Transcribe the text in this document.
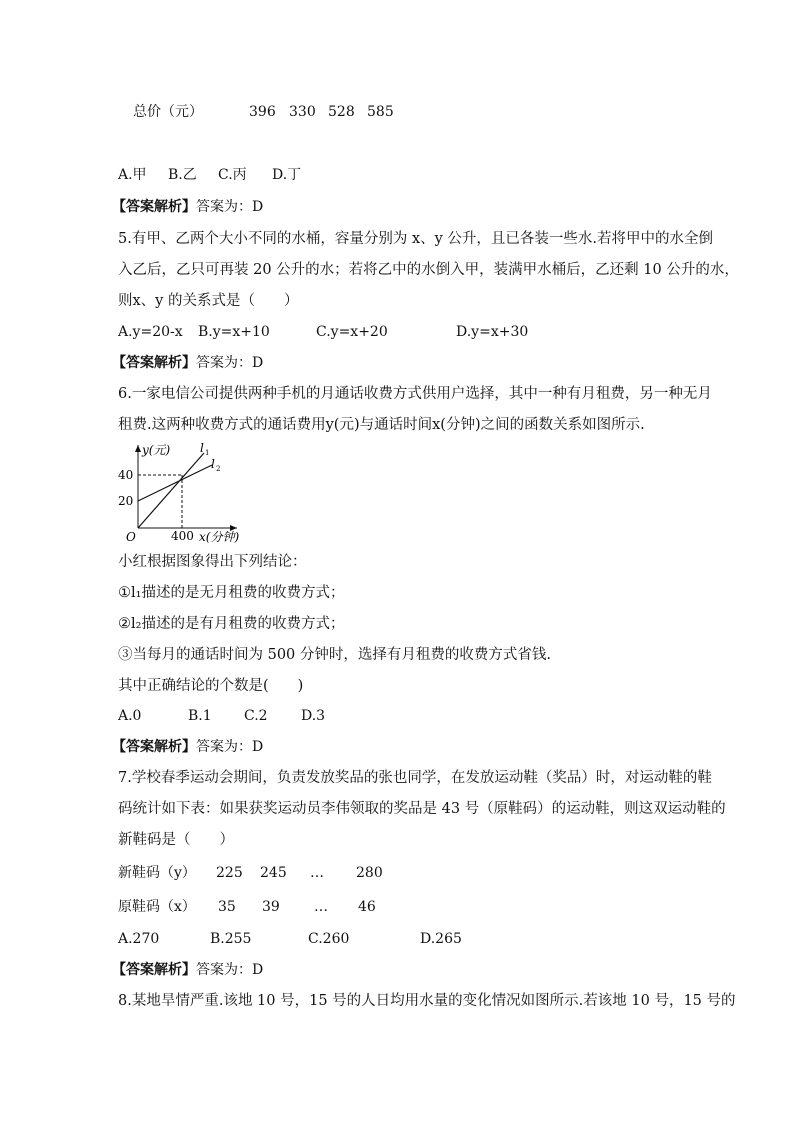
总价（元）	396 330 528 585
A.甲 B.乙 C.丙 D.丁
【答案解析】答案为：D
5.有甲、乙两个大小不同的水桶，容量分别为 x、y 公升，且已各装一些水.若将甲中的水全倒
入乙后，乙只可再装 20 公升的水；若将乙中的水倒入甲，装满甲水桶后，乙还剩 10 公升的水，
则x、y 的关系式是（　　）
A.y=20-x B.y=x+10	C.y=x+20	D.y=x+30
【答案解析】答案为：D
6.一家电信公司提供两种手机的月通话收费方式供用户选择，其中一种有月租费，另一种无月
租费.这两种收费方式的通话费用y(元)与通话时间x(分钟)之间的函数关系如图所示.
y(元)
x(分钟)
O
40
20
400
l 1
l 2
小红根据图象得出下列结论：
①l₁描述的是无月租费的收费方式；
②l₂描述的是有月租费的收费方式；
③当每月的通话时间为 500 分钟时，选择有月租费的收费方式省钱.
其中正确结论的个数是(　　)
A.0	B.1 C.2 D.3
【答案解析】答案为：D
7.学校春季运动会期间，负责发放奖品的张也同学，在发放运动鞋（奖品）时，对运动鞋的鞋
码统计如下表：如果获奖运动员李伟领取的奖品是 43 号（原鞋码）的运动鞋，则这双运动鞋的
新鞋码是（　　）
新鞋码（y） 225 245 … 280
原鞋码（x） 35 39 … 46
A.270	B.255	C.260	D.265
【答案解析】答案为：D
8.某地旱情严重.该地 10 号，15 号的人日均用水量的变化情况如图所示.若该地 10 号，15 号的
